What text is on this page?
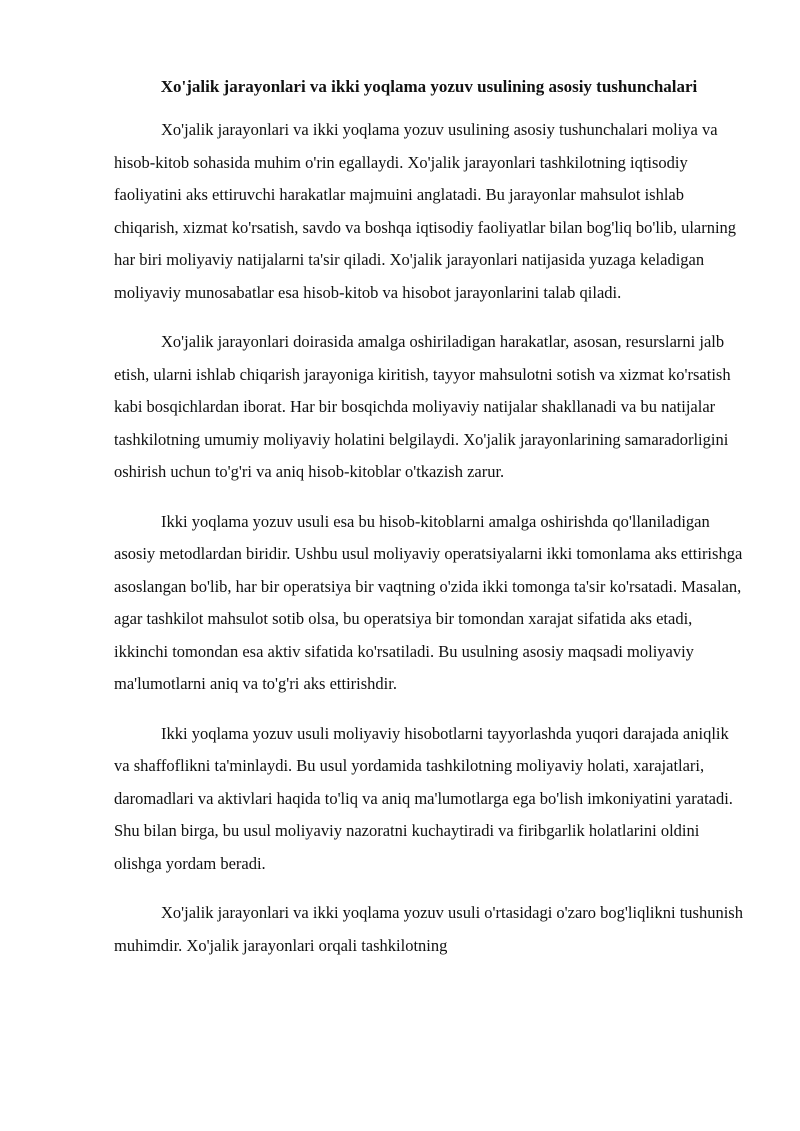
Xo'jalik jarayonlari va ikki yoqlama yozuv usulining asosiy tushunchalari

Xo'jalik jarayonlari va ikki yoqlama yozuv usulining asosiy tushunchalari moliya va hisob-kitob sohasida muhim o'rin egallaydi. Xo'jalik jarayonlari tashkilotning iqtisodiy faoliyatini aks ettiruvchi harakatlar majmuini anglatadi. Bu jarayonlar mahsulot ishlab chiqarish, xizmat ko'rsatish, savdo va boshqa iqtisodiy faoliyatlar bilan bog'liq bo'lib, ularning har biri moliyaviy natijalarni ta'sir qiladi. Xo'jalik jarayonlari natijasida yuzaga keladigan moliyaviy munosabatlar esa hisob-kitob va hisobot jarayonlarini talab qiladi.

Xo'jalik jarayonlari doirasida amalga oshiriladigan harakatlar, asosan, resurslarni jalb etish, ularni ishlab chiqarish jarayoniga kiritish, tayyor mahsulotni sotish va xizmat ko'rsatish kabi bosqichlardan iborat. Har bir bosqichda moliyaviy natijalar shakllanadi va bu natijalar tashkilotning umumiy moliyaviy holatini belgilaydi. Xo'jalik jarayonlarining samaradorligini oshirish uchun to'g'ri va aniq hisob-kitoblar o'tkazish zarur.

Ikki yoqlama yozuv usuli esa bu hisob-kitoblarni amalga oshirishda qo'llaniladigan asosiy metodlardan biridir. Ushbu usul moliyaviy operatsiyalarni ikki tomonlama aks ettirishga asoslangan bo'lib, har bir operatsiya bir vaqtning o'zida ikki tomonga ta'sir ko'rsatadi. Masalan, agar tashkilot mahsulot sotib olsa, bu operatsiya bir tomondan xarajat sifatida aks etadi, ikkinchi tomondan esa aktiv sifatida ko'rsatiladi. Bu usulning asosiy maqsadi moliyaviy ma'lumotlarni aniq va to'g'ri aks ettirishdir.

Ikki yoqlama yozuv usuli moliyaviy hisobotlarni tayyorlashda yuqori darajada aniqlik va shaffoflikni ta'minlaydi. Bu usul yordamida tashkilotning moliyaviy holati, xarajatlari, daromadlari va aktivlari haqida to'liq va aniq ma'lumotlarga ega bo'lish imkoniyatini yaratadi. Shu bilan birga, bu usul moliyaviy nazoratni kuchaytiradi va firibgarlik holatlarini oldini olishga yordam beradi.

Xo'jalik jarayonlari va ikki yoqlama yozuv usuli o'rtasidagi o'zaro bog'liqlikni tushunish muhimdir. Xo'jalik jarayonlari orqali tashkilotning
